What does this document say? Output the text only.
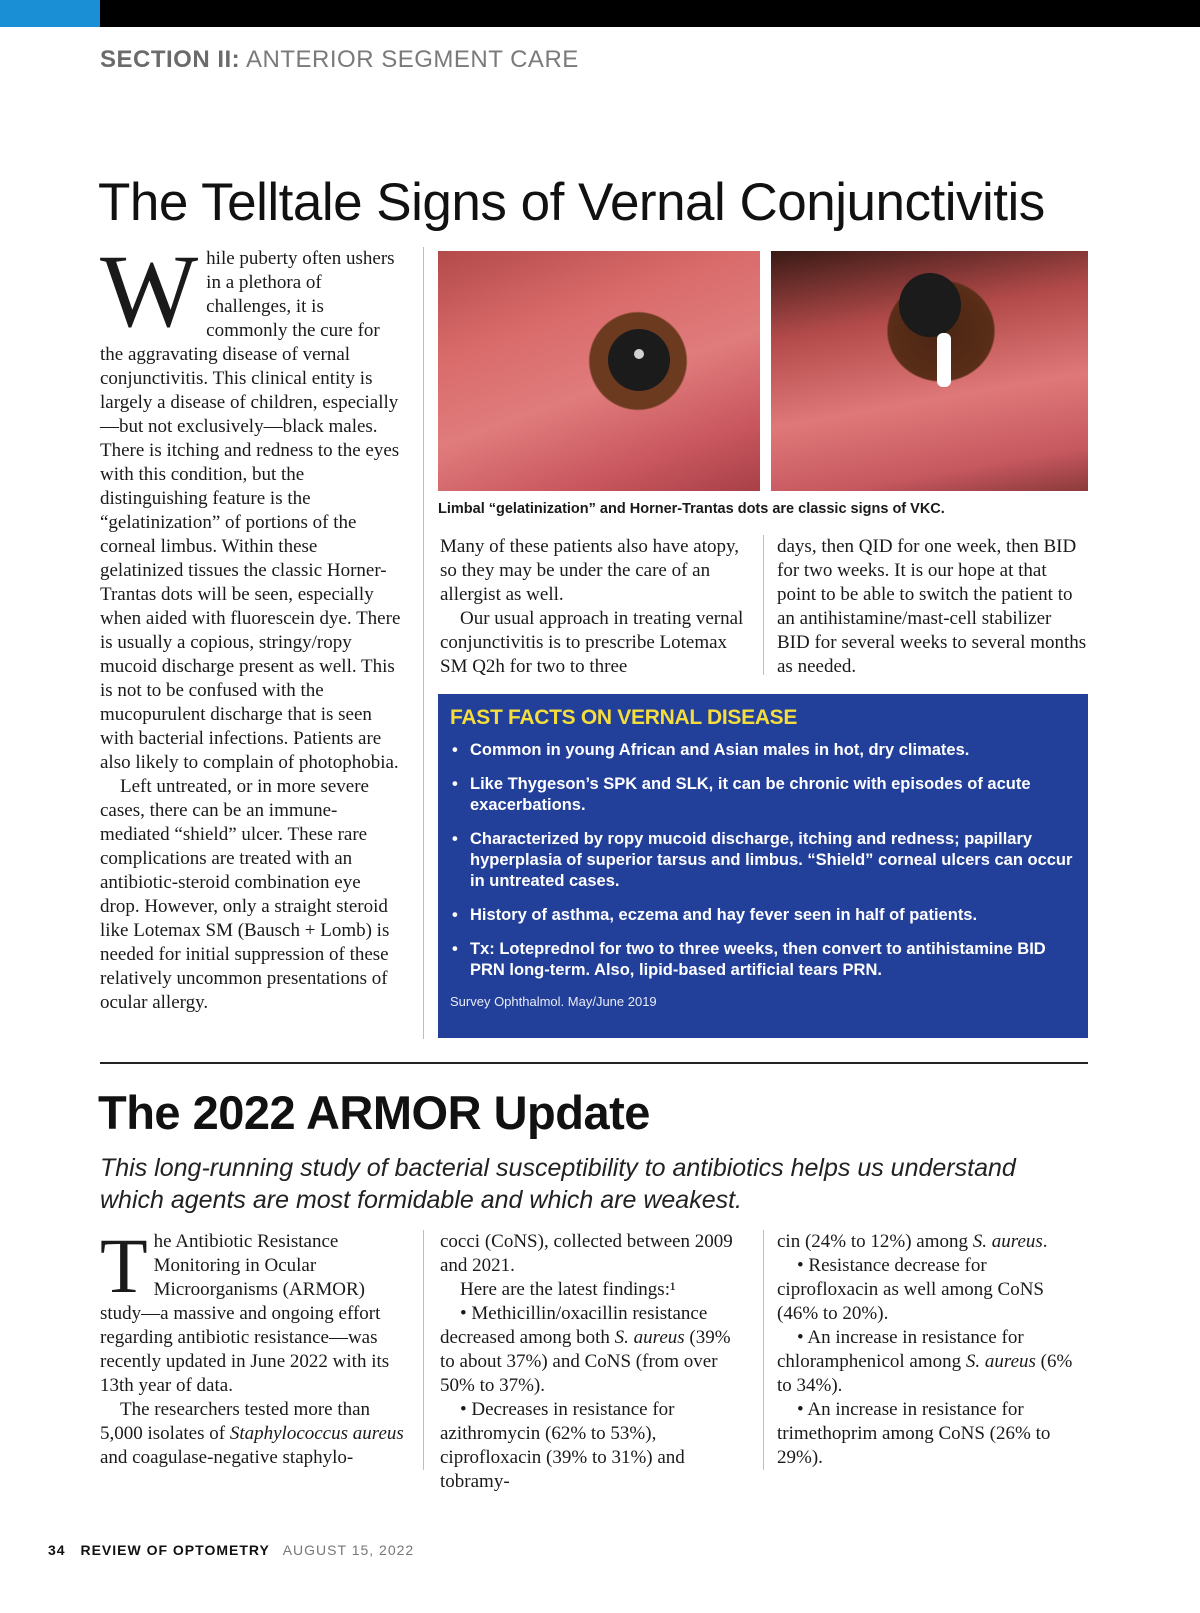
SECTION II: ANTERIOR SEGMENT CARE
The Telltale Signs of Vernal Conjunctivitis
W hile puberty often ushers in a plethora of challenges, it is commonly the cure for the aggravating disease of vernal conjunctivitis. This clinical entity is largely a disease of children, especially—but not exclusively—black males. There is itching and redness to the eyes with this condition, but the distinguishing feature is the “gelatinization” of portions of the corneal limbus. Within these gelatinized tissues the classic Horner-Trantas dots will be seen, especially when aided with fluorescein dye. There is usually a copious, stringy/ropy mucoid discharge present as well. This is not to be confused with the mucopurulent discharge that is seen with bacterial infections. Patients are also likely to complain of photophobia.

Left untreated, or in more severe cases, there can be an immune-mediated “shield” ulcer. These rare complications are treated with an antibiotic-steroid combination eye drop. However, only a straight steroid like Lotemax SM (Bausch + Lomb) is needed for initial suppression of these relatively uncommon presentations of ocular allergy.

Limbal “gelatinization” and Horner-Trantas dots are classic signs of VKC.

Many of these patients also have atopy, so they may be under the care of an allergist as well.

Our usual approach in treating vernal conjunctivitis is to prescribe Lotemax SM Q2h for two to three

days, then QID for one week, then BID for two weeks. It is our hope at that point to be able to switch the patient to an antihistamine/mast-cell stabilizer BID for several weeks to several months as needed.

FAST FACTS ON VERNAL DISEASE
• Common in young African and Asian males in hot, dry climates.
• Like Thygeson’s SPK and SLK, it can be chronic with episodes of acute exacerbations.
• Characterized by ropy mucoid discharge, itching and redness; papillary hyperplasia of superior tarsus and limbus. “Shield” corneal ulcers can occur in untreated cases.
• History of asthma, eczema and hay fever seen in half of patients.
• Tx: Loteprednol for two to three weeks, then convert to antihistamine BID PRN long-term. Also, lipid-based artificial tears PRN.
Survey Ophthalmol. May/June 2019
The 2022 ARMOR Update
This long-running study of bacterial susceptibility to antibiotics helps us understand which agents are most formidable and which are weakest.
T he Antibiotic Resistance Monitoring in Ocular Microorganisms (ARMOR) study—a massive and ongoing effort regarding antibiotic resistance—was recently updated in June 2022 with its 13th year of data.

The researchers tested more than 5,000 isolates of Staphylococcus aureus and coagulase-negative staphylo-

cocci (CoNS), collected between 2009 and 2021.

Here are the latest findings:¹

• Methicillin/oxacillin resistance decreased among both S. aureus (39% to about 37%) and CoNS (from over 50% to 37%).

• Decreases in resistance for azithromycin (62% to 53%), ciprofloxacin (39% to 31%) and tobramy-

cin (24% to 12%) among S. aureus.

• Resistance decrease for ciprofloxacin as well among CoNS (46% to 20%).

• An increase in resistance for chloramphenicol among S. aureus (6% to 34%).

• An increase in resistance for trimethoprim among CoNS (26% to 29%).

34 REVIEW OF OPTOMETRY AUGUST 15, 2022
